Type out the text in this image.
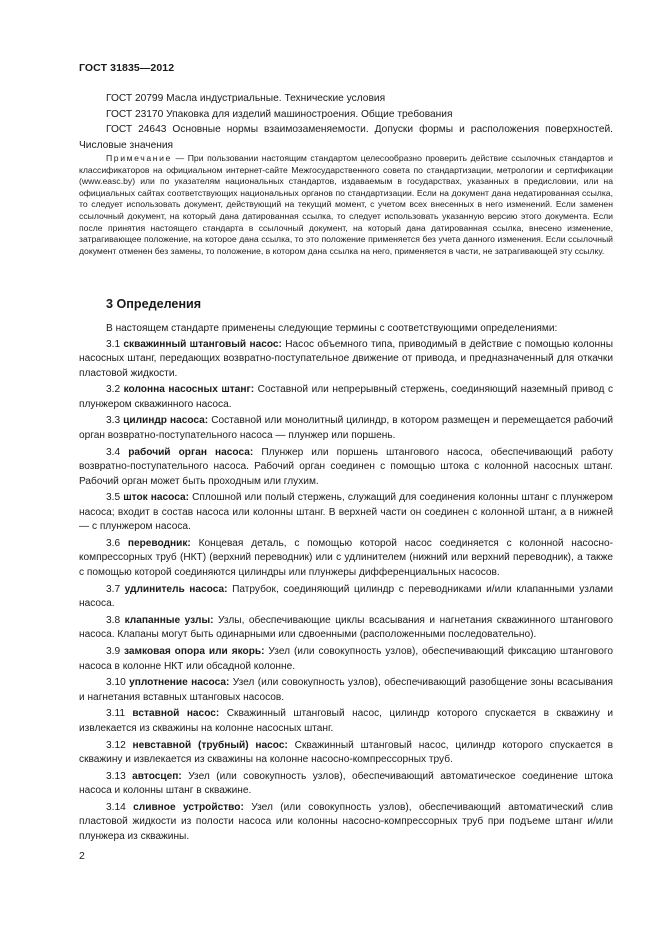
ГОСТ 31835—2012

ГОСТ 20799 Масла индустриальные. Технические условия

ГОСТ 23170 Упаковка для изделий машиностроения. Общие требования

ГОСТ 24643 Основные нормы взаимозаменяемости. Допуски формы и расположения поверхностей. Числовые значения

Примечание — При пользовании настоящим стандартом целесообразно проверить действие ссылочных стандартов и классификаторов на официальном интернет-сайте Межгосударственного совета по стандартизации, метрологии и сертификации (www.easc.by) или по указателям национальных стандартов, издаваемым в государствах, указанных в предисловии, или на официальных сайтах соответствующих национальных органов по стандартизации. Если на документ дана недатированная ссылка, то следует использовать документ, действующий на текущий момент, с учетом всех внесенных в него изменений. Если заменен ссылочный документ, на который дана датированная ссылка, то следует использовать указанную версию этого документа. Если после принятия настоящего стандарта в ссылочный документ, на который дана датированная ссылка, внесено изменение, затрагивающее положение, на которое дана ссылка, то это положение применяется без учета данного изменения. Если ссылочный документ отменен без замены, то положение, в котором дана ссылка на него, применяется в части, не затрагивающей эту ссылку.

3 Определения

В настоящем стандарте применены следующие термины с соответствующими определениями:

3.1 скважинный штанговый насос: Насос объемного типа, приводимый в действие с помощью колонны насосных штанг, передающих возвратно-поступательное движение от привода, и предназначенный для откачки пластовой жидкости.

3.2 колонна насосных штанг: Составной или непрерывный стержень, соединяющий наземный привод с плунжером скважинного насоса.

3.3 цилиндр насоса: Составной или монолитный цилиндр, в котором размещен и перемещается рабочий орган возвратно-поступательного насоса — плунжер или поршень.

3.4 рабочий орган насоса: Плунжер или поршень штангового насоса, обеспечивающий работу возвратно-поступательного насоса. Рабочий орган соединен с помощью штока с колонной насосных штанг. Рабочий орган может быть проходным или глухим.

3.5 шток насоса: Сплошной или полый стержень, служащий для соединения колонны штанг с плунжером насоса; входит в состав насоса или колонны штанг. В верхней части он соединен с колонной штанг, а в нижней — с плунжером насоса.

3.6 переводник: Концевая деталь, с помощью которой насос соединяется с колонной насосно-компрессорных труб (НКТ) (верхний переводник) или с удлинителем (нижний или верхний переводник), а также с помощью которой соединяются цилиндры или плунжеры дифференциальных насосов.

3.7 удлинитель насоса: Патрубок, соединяющий цилиндр с переводниками и/или клапанными узлами насоса.

3.8 клапанные узлы: Узлы, обеспечивающие циклы всасывания и нагнетания скважинного штангового насоса. Клапаны могут быть одинарными или сдвоенными (расположенными последовательно).

3.9 замковая опора или якорь: Узел (или совокупность узлов), обеспечивающий фиксацию штангового насоса в колонне НКТ или обсадной колонне.

3.10 уплотнение насоса: Узел (или совокупность узлов), обеспечивающий разобщение зоны всасывания и нагнетания вставных штанговых насосов.

3.11 вставной насос: Скважинный штанговый насос, цилиндр которого спускается в скважину и извлекается из скважины на колонне насосных штанг.

3.12 невставной (трубный) насос: Скважинный штанговый насос, цилиндр которого спускается в скважину и извлекается из скважины на колонне насосно-компрессорных труб.

3.13 автосцеп: Узел (или совокупность узлов), обеспечивающий автоматическое соединение штока насоса и колонны штанг в скважине.

3.14 сливное устройство: Узел (или совокупность узлов), обеспечивающий автоматический слив пластовой жидкости из полости насоса или колонны насосно-компрессорных труб при подъеме штанг и/или плунжера из скважины.

2
